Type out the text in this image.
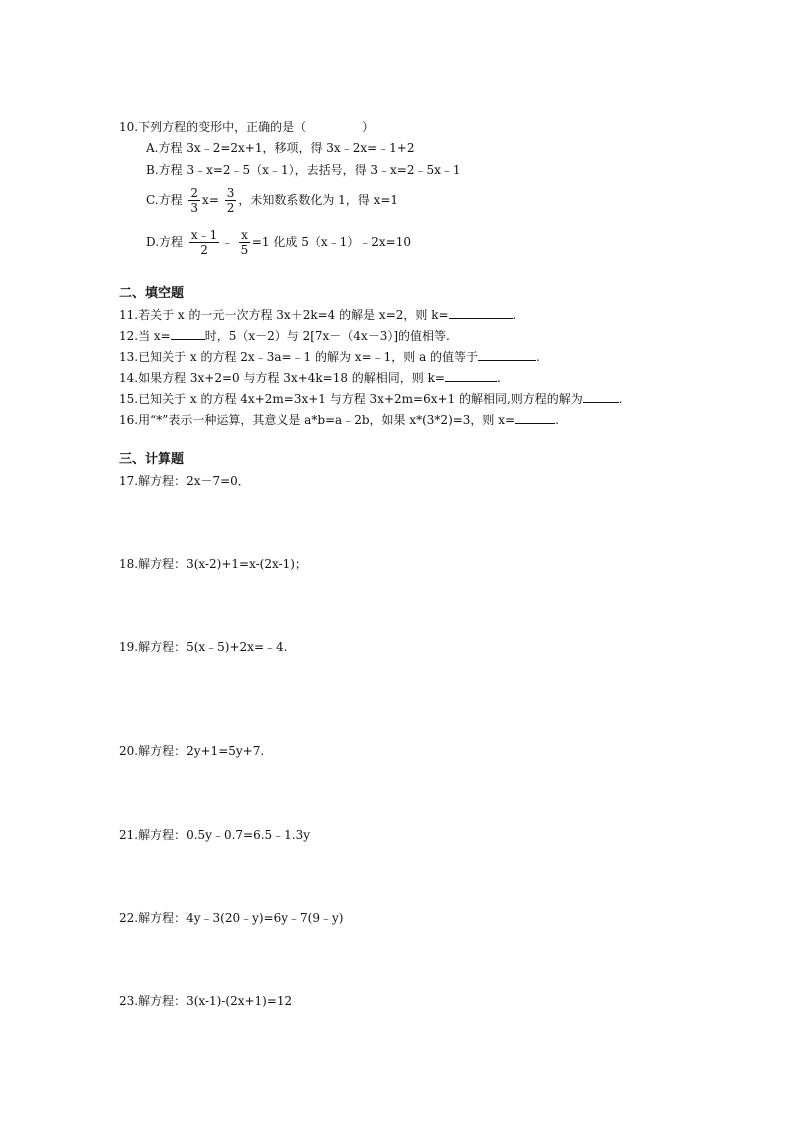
10.下列方程的变形中，正确的是（	）
A.方程 3x﹣2=2x+1，移项，得 3x﹣2x=﹣1+2
B.方程 3﹣x=2﹣5（x﹣1），去括号，得 3﹣x=2﹣5x﹣1
C.方程 $\frac{2}{3} x= \frac{3}{2}$ ，未知数系数化为 1，得 x=1
D.方程 $\frac{x﹣1}{2}$ ﹣ $\frac{x}{5} =1$ 化成 5（x﹣1）﹣2x=10
二、填空题
11.若关于 x 的一元一次方程 3x＋2k=4 的解是 x=2，则 k=	.
12.当 x=	时，5（x－2）与 2[7x－（4x－3）]的值相等.
13.已知关于 x 的方程 2x﹣3a=﹣1 的解为 x=﹣1，则 a 的值等于	.
14.如果方程 3x+2=0 与方程 3x+4k=18 的解相同，则 k=	.
15.已知关于 x 的方程 4x+2m=3x+1 与方程 3x+2m=6x+1 的解相同,则方程的解为	.
16.用“*”表示一种运算，其意义是 a*b=a﹣2b，如果 x*(3*2)=3，则 x=	.
三、计算题
17.解方程：2x－7=0．
18.解方程：3(x-2)+1=x-(2x-1)；
19.解方程：5(x﹣5)+2x=﹣4.
20.解方程：2y+1=5y+7.
21.解方程：0.5y﹣0.7=6.5﹣1.3y
22.解方程：4y﹣3(20﹣y)=6y﹣7(9﹣y)
23.解方程：3(x-1)-(2x+1)=12
